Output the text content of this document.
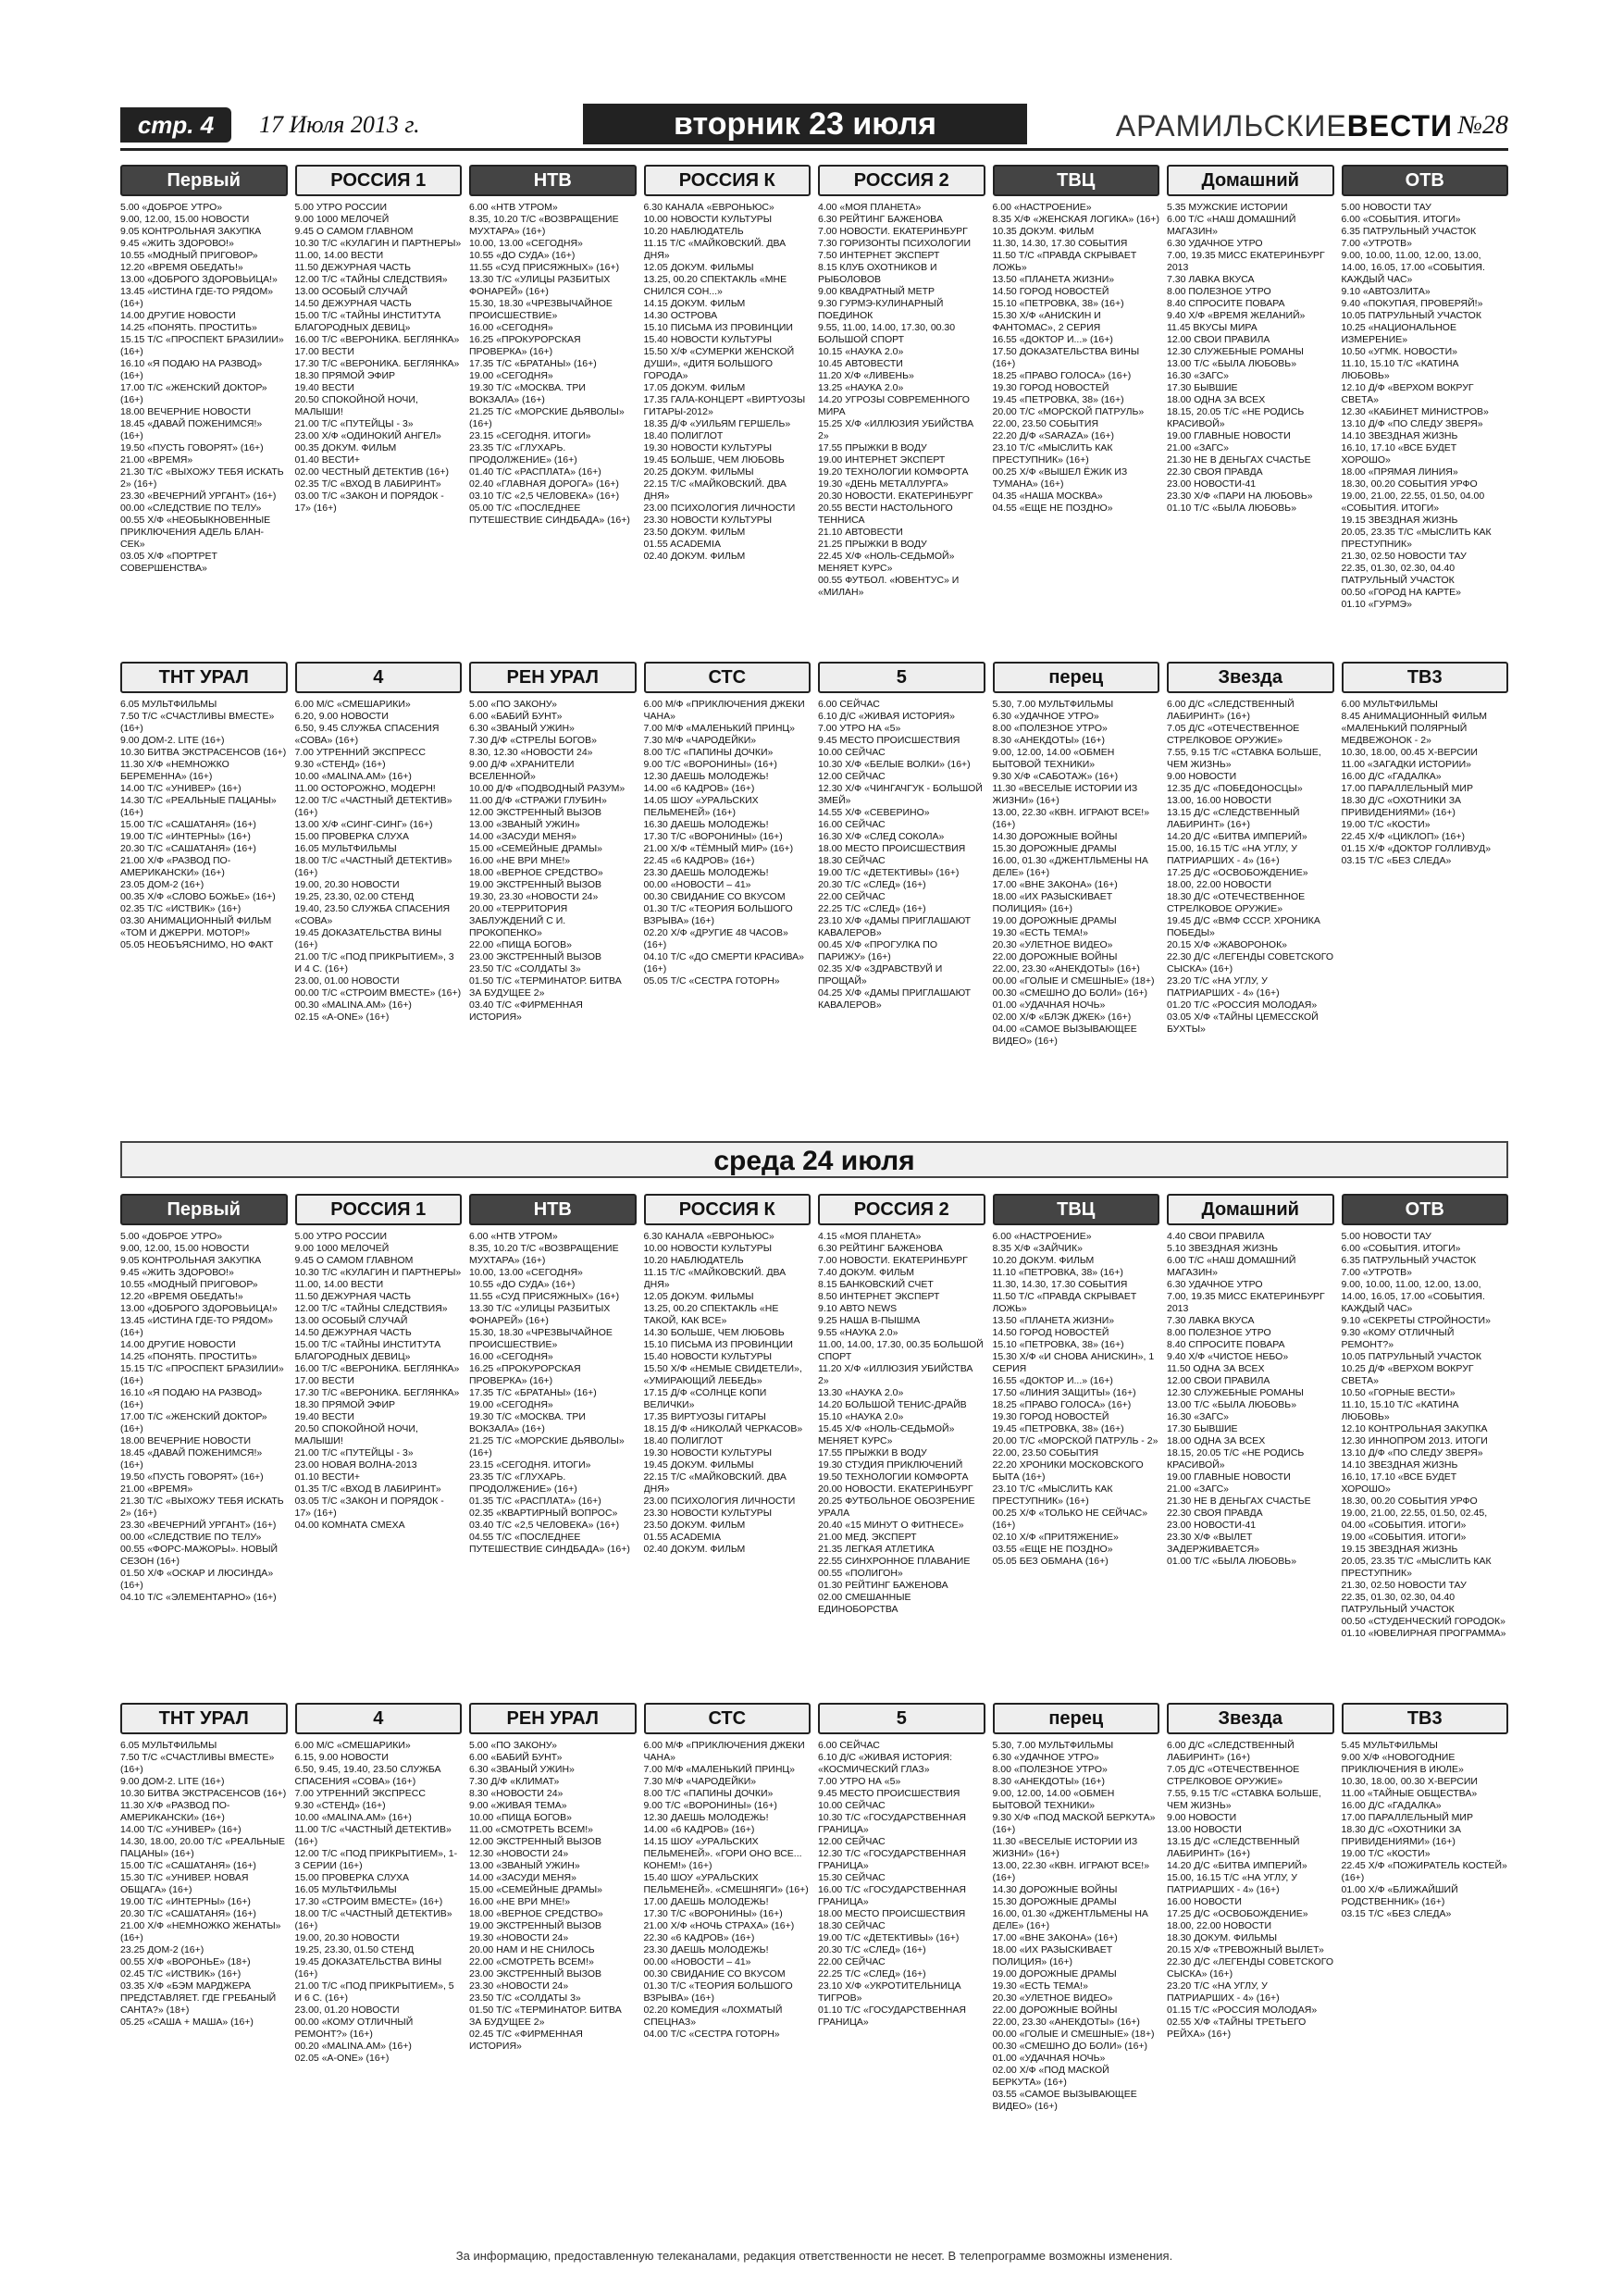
стр. 4	17 Июля 2013 г.	вторник 23 июля	АРАМИЛЬСКИЕВЕСТИ №28
Первый
5.00 «ДОБРОЕ УТРО»
9.00, 12.00, 15.00 НОВОСТИ
9.05 КОНТРОЛЬНАЯ ЗАКУПКА
9.45 «ЖИТЬ ЗДОРОВО!»
10.55 «МОДНЫЙ ПРИГОВОР»
12.20 «ВРЕМЯ ОБЕДАТЬ!»
13.00 «ДОБРОГО ЗДОРОВЬИЦА!»
13.45 «ИСТИНА ГДЕ-ТО РЯДОМ» (16+)
14.00 ДРУГИЕ НОВОСТИ
14.25 «ПОНЯТЬ. ПРОСТИТЬ»
15.15 Т/С «ПРОСПЕКТ БРАЗИЛИИ» (16+)
16.10 «Я ПОДАЮ НА РАЗВОД» (16+)
17.00 Т/С «ЖЕНСКИЙ ДОКТОР» (16+)
18.00 ВЕЧЕРНИЕ НОВОСТИ
18.45 «ДАВАЙ ПОЖЕНИМСЯ!» (16+)
19.50 «ПУСТЬ ГОВОРЯТ» (16+)
21.00 «ВРЕМЯ»
21.30 Т/С «ВЫХОЖУ ТЕБЯ ИСКАТЬ 2» (16+)
23.30 «ВЕЧЕРНИЙ УРГАНТ» (16+)
00.00 «СЛЕДСТВИЕ ПО ТЕЛУ»
00.55 Х/Ф «НЕОБЫКНОВЕННЫЕ ПРИКЛЮЧЕНИЯ АДЕЛЬ БЛАН-СЕК»
03.05 Х/Ф «ПОРТРЕТ СОВЕРШЕНСТВА»
РОССИЯ 1
5.00 УТРО РОССИИ
9.00 1000 МЕЛОЧЕЙ
9.45 О САМОМ ГЛАВНОМ
10.30 Т/С «КУЛАГИН И ПАРТНЕРЫ»
11.00, 14.00 ВЕСТИ
11.50 ДЕЖУРНАЯ ЧАСТЬ
12.00 Т/С «ТАЙНЫ СЛЕДСТВИЯ»
13.00 ОСОБЫЙ СЛУЧАЙ
14.50 ДЕЖУРНАЯ ЧАСТЬ
15.00 Т/С «ТАЙНЫ ИНСТИТУТА БЛАГОРОДНЫХ ДЕВИЦ»
16.00 Т/С «ВЕРОНИКА. БЕГЛЯНКА»
17.00 ВЕСТИ
17.30 Т/С «ВЕРОНИКА. БЕГЛЯНКА»
18.30 ПРЯМОЙ ЭФИР
19.40 ВЕСТИ
20.50 СПОКОЙНОЙ НОЧИ, МАЛЫШИ!
21.00 Т/С «ПУТЕЙЦЫ - 3»
23.00 Х/Ф «ОДИНОКИЙ АНГЕЛ»
00.35 ДОКУМ. ФИЛЬМ
01.40 ВЕСТИ+
02.00 ЧЕСТНЫЙ ДЕТЕКТИВ (16+)
02.35 Т/С «ВХОД В ЛАБИРИНТ»
03.00 Т/С «ЗАКОН И ПОРЯДОК - 17» (16+)
НТВ
6.00 «НТВ УТРОМ»
8.35, 10.20 Т/С «ВОЗВРАЩЕНИЕ МУХТАРА» (16+)
10.00, 13.00 «СЕГОДНЯ»
10.55 «ДО СУДА» (16+)
11.55 «СУД ПРИСЯЖНЫХ» (16+)
13.30 Т/С «УЛИЦЫ РАЗБИТЫХ ФОНАРЕЙ» (16+)
15.30, 18.30 «ЧРЕЗВЫЧАЙНОЕ ПРОИСШЕСТВИЕ»
16.00 «СЕГОДНЯ»
16.25 «ПРОКУРОРСКАЯ ПРОВЕРКА» (16+)
17.35 Т/С «БРАТАНЫ» (16+)
19.00 «СЕГОДНЯ»
19.30 Т/С «МОСКВА. ТРИ ВОКЗАЛА» (16+)
21.25 Т/С «МОРСКИЕ ДЬЯВОЛЫ» (16+)
23.15 «СЕГОДНЯ. ИТОГИ»
23.35 Т/С «ГЛУХАРЬ. ПРОДОЛЖЕНИЕ» (16+)
01.40 Т/С «РАСПЛАТА» (16+)
02.40 «ГЛАВНАЯ ДОРОГА» (16+)
03.10 Т/С «2,5 ЧЕЛОВЕКА» (16+)
05.00 Т/С «ПОСЛЕДНЕЕ ПУТЕШЕСТВИЕ СИНДБАДА» (16+)
РОССИЯ К
6.30 КАНАЛА «ЕВРОНЬЮС»
10.00 НОВОСТИ КУЛЬТУРЫ
10.20 НАБЛЮДАТЕЛЬ
11.15 Т/С «МАЙКОВСКИЙ. ДВА ДНЯ»
12.05 ДОКУМ. ФИЛЬМЫ
13.25, 00.20 СПЕКТАКЛЬ «МНЕ СНИЛСЯ СОН...»
14.15 ДОКУМ. ФИЛЬМ
14.30 ОСТРОВА
15.10 ПИСЬМА ИЗ ПРОВИНЦИИ
15.40 НОВОСТИ КУЛЬТУРЫ
15.50 Х/Ф «СУМЕРКИ ЖЕНСКОЙ ДУШИ», «ДИТЯ БОЛЬШОГО ГОРОДА»
17.05 ДОКУМ. ФИЛЬМ
17.35 ГАЛА-КОНЦЕРТ «ВИРТУОЗЫ ГИТАРЫ-2012»
18.35 Д/Ф «УИЛЬЯМ ГЕРШЕЛЬ»
18.40 ПОЛИГЛОТ
19.30 НОВОСТИ КУЛЬТУРЫ
19.45 БОЛЬШЕ, ЧЕМ ЛЮБОВЬ
20.25 ДОКУМ. ФИЛЬМЫ
22.15 Т/С «МАЙКОВСКИЙ. ДВА ДНЯ»
23.00 ПСИХОЛОГИЯ ЛИЧНОСТИ
23.30 НОВОСТИ КУЛЬТУРЫ
23.50 ДОКУМ. ФИЛЬМ
01.55 ACADEMIA
02.40 ДОКУМ. ФИЛЬМ
РОССИЯ 2
4.00 «МОЯ ПЛАНЕТА»
6.30 РЕЙТИНГ БАЖЕНОВА
7.00 НОВОСТИ. ЕКАТЕРИНБУРГ
7.30 ГОРИЗОНТЫ ПСИХОЛОГИИ
7.50 ИНТЕРНЕТ ЭКСПЕРТ
8.15 КЛУБ ОХОТНИКОВ И РЫБОЛОВОВ
9.00 КВАДРАТНЫЙ МЕТР
9.30 ГУРМЭ-КУЛИНАРНЫЙ ПОЕДИНОК
9.55, 11.00, 14.00, 17.30, 00.30 БОЛЬШОЙ СПОРТ
10.15 «НАУКА 2.0»
10.45 АВТОВЕСТИ
11.20 Х/Ф «ЛИВЕНЬ»
13.25 «НАУКА 2.0»
14.20 УГРОЗЫ СОВРЕМЕННОГО МИРА
15.25 Х/Ф «ИЛЛЮЗИЯ УБИЙСТВА 2»
17.55 ПРЫЖКИ В ВОДУ
19.00 ИНТЕРНЕТ ЭКСПЕРТ
19.20 ТЕХНОЛОГИИ КОМФОРТА
19.30 «ДЕНЬ МЕТАЛЛУРГА»
20.30 НОВОСТИ. ЕКАТЕРИНБУРГ
20.55 ВЕСТИ НАСТОЛЬНОГО ТЕННИСА
21.10 АВТОВЕСТИ
21.25 ПРЫЖКИ В ВОДУ
22.45 Х/Ф «НОЛЬ-СЕДЬМОЙ» МЕНЯЕТ КУРС»
00.55 ФУТБОЛ. «ЮВЕНТУС» И «МИЛАН»
ТВЦ
6.00 «НАСТРОЕНИЕ»
8.35 Х/Ф «ЖЕНСКАЯ ЛОГИКА» (16+)
10.35 ДОКУМ. ФИЛЬМ
11.30, 14.30, 17.30 СОБЫТИЯ
11.50 Т/С «ПРАВДА СКРЫВАЕТ ЛОЖЬ»
13.50 «ПЛАНЕТА ЖИЗНИ»
14.50 ГОРОД НОВОСТЕЙ
15.10 «ПЕТРОВКА, 38» (16+)
15.30 Х/Ф «АНИСКИН И ФАНТОМАС», 2 СЕРИЯ
16.55 «ДОКТОР И...» (16+)
17.50 ДОКАЗАТЕЛЬСТВА ВИНЫ (16+)
18.25 «ПРАВО ГОЛОСА» (16+)
19.30 ГОРОД НОВОСТЕЙ
19.45 «ПЕТРОВКА, 38» (16+)
20.00 Т/С «МОРСКОЙ ПАТРУЛЬ»
22.00, 23.50 СОБЫТИЯ
22.20 Д/Ф «SARAZA» (16+)
23.10 Т/С «МЫСЛИТЬ КАК ПРЕСТУПНИК» (16+)
00.25 Х/Ф «ВЫШЕЛ ЁЖИК ИЗ ТУМАНА» (16+)
04.35 «НАША МОСКВА»
04.55 «ЕЩЕ НЕ ПОЗДНО»
Домашний
5.35 МУЖСКИЕ ИСТОРИИ
6.00 Т/С «НАШ ДОМАШНИЙ МАГАЗИН»
6.30 УДАЧНОЕ УТРО
7.00, 19.35 МИСС ЕКАТЕРИНБУРГ 2013
7.30 ЛАВКА ВКУСА
8.00 ПОЛЕЗНОЕ УТРО
8.40 СПРОСИТЕ ПОВАРА
9.40 Х/Ф «ВРЕМЯ ЖЕЛАНИЙ»
11.45 ВКУСЫ МИРА
12.00 СВОИ ПРАВИЛА
12.30 СЛУЖЕБНЫЕ РОМАНЫ
13.00 Т/С «БЫЛА ЛЮБОВЬ»
16.30 «ЗАГС»
17.30 БЫВШИЕ
18.00 ОДНА ЗА ВСЕХ
18.15, 20.05 Т/С «НЕ РОДИСЬ КРАСИВОЙ»
19.00 ГЛАВНЫЕ НОВОСТИ
21.00 «ЗАГС»
21.30 НЕ В ДЕНЬГАХ СЧАСТЬЕ
22.30 СВОЯ ПРАВДА
23.00 НОВОСТИ-41
23.30 Х/Ф «ПАРИ НА ЛЮБОВЬ»
01.10 Т/С «БЫЛА ЛЮБОВЬ»
ОТВ
5.00 НОВОСТИ ТАУ
6.00 «СОБЫТИЯ. ИТОГИ»
6.35 ПАТРУЛЬНЫЙ УЧАСТОК
7.00 «УТРОТВ»
9.00, 10.00, 11.00, 12.00, 13.00, 14.00, 16.05, 17.00 «СОБЫТИЯ. КАЖДЫЙ ЧАС»
9.10 «АВТОЗЛИТА»
9.40 «ПОКУПАЯ, ПРОВЕРЯЙ!»
10.05 ПАТРУЛЬНЫЙ УЧАСТОК
10.25 «НАЦИОНАЛЬНОЕ ИЗМЕРЕНИЕ»
10.50 «УГМК. НОВОСТИ»
11.10, 15.10 Т/С «КАТИНА ЛЮБОВЬ»
12.10 Д/Ф «ВЕРХОМ ВОКРУГ СВЕТА»
12.30 «КАБИНЕТ МИНИСТРОВ»
13.10 Д/Ф «ПО СЛЕДУ ЗВЕРЯ»
14.10 ЗВЕЗДНАЯ ЖИЗНЬ
16.10, 17.10 «ВСЕ БУДЕТ ХОРОШО»
18.00 «ПРЯМАЯ ЛИНИЯ»
18.30, 00.20 СОБЫТИЯ УРФО
19.00, 21.00, 22.55, 01.50, 04.00 «СОБЫТИЯ. ИТОГИ»
19.15 ЗВЕЗДНАЯ ЖИЗНЬ
20.05, 23.35 Т/С «МЫСЛИТЬ КАК ПРЕСТУПНИК»
21.30, 02.50 НОВОСТИ ТАУ
22.35, 01.30, 02.30, 04.40 ПАТРУЛЬНЫЙ УЧАСТОК
00.50 «ГОРОД НА КАРТЕ»
01.10 «ГУРМЭ»
ТНТ УРАЛ
6.05 МУЛЬТФИЛЬМЫ
7.50 Т/С «СЧАСТЛИВЫ ВМЕСТЕ» (16+)
9.00 ДОМ-2. LITE (16+)
10.30 БИТВА ЭКСТРАСЕНСОВ (16+)
11.30 Х/Ф «НЕМНОЖКО БЕРЕМЕННА» (16+)
14.00 Т/С «УНИВЕР» (16+)
14.30 Т/С «РЕАЛЬНЫЕ ПАЦАНЫ» (16+)
15.00 Т/С «САШАТАНЯ» (16+)
19.00 Т/С «ИНТЕРНЫ» (16+)
20.30 Т/С «САШАТАНЯ» (16+)
21.00 Х/Ф «РАЗВОД ПО-АМЕРИКАНСКИ» (16+)
23.05 ДОМ-2 (16+)
00.35 Х/Ф «СЛОВО БОЖЬЕ» (16+)
02.35 Т/С «ИСТВИК» (16+)
03.30 АНИМАЦИОННЫЙ ФИЛЬМ «ТОМ И ДЖЕРРИ. МОТОР!»
05.05 НЕОБЪЯСНИМО, НО ФАКТ
4
6.00 М/С «СМЕШАРИКИ»
6.20, 9.00 НОВОСТИ
6.50, 9.45 СЛУЖБА СПАСЕНИЯ «СОВА» (16+)
7.00 УТРЕННИЙ ЭКСПРЕСС
9.30 «СТЕНД» (16+)
10.00 «MALINA.AM» (16+)
11.00 ОСТОРОЖНО, МОДЕРН!
12.00 Т/С «ЧАСТНЫЙ ДЕТЕКТИВ» (16+)
13.00 Х/Ф «СИНГ-СИНГ» (16+)
15.00 ПРОВЕРКА СЛУХА
16.05 МУЛЬТФИЛЬМЫ
18.00 Т/С «ЧАСТНЫЙ ДЕТЕКТИВ» (16+)
19.00, 20.30 НОВОСТИ
19.25, 23.30, 02.00 СТЕНД
19.40, 23.50 СЛУЖБА СПАСЕНИЯ «СОВА»
19.45 ДОКАЗАТЕЛЬСТВА ВИНЫ (16+)
21.00 Т/С «ПОД ПРИКРЫТИЕМ», 3 И 4 С. (16+)
23.00, 01.00 НОВОСТИ
00.00 Т/С «СТРОИМ ВМЕСТЕ» (16+)
00.30 «MALINA.AM» (16+)
02.15 «A-ONE» (16+)
РЕН УРАЛ
5.00 «ПО ЗАКОНУ»
6.00 «БАБИЙ БУНТ»
6.30 «ЗВАНЫЙ УЖИН»
7.30 Д/Ф «СТРЕЛЫ БОГОВ»
8.30, 12.30 «НОВОСТИ 24»
9.00 Д/Ф «ХРАНИТЕЛИ ВСЕЛЕННОЙ»
10.00 Д/Ф «ПОДВОДНЫЙ РАЗУМ»
11.00 Д/Ф «СТРАЖИ ГЛУБИН»
12.00 ЭКСТРЕННЫЙ ВЫЗОВ
13.00 «ЗВАНЫЙ УЖИН»
14.00 «ЗАСУДИ МЕНЯ»
15.00 «СЕМЕЙНЫЕ ДРАМЫ»
16.00 «НЕ ВРИ МНЕ!»
18.00 «ВЕРНОЕ СРЕДСТВО»
19.00 ЭКСТРЕННЫЙ ВЫЗОВ
19.30, 23.30 «НОВОСТИ 24»
20.00 «ТЕРРИТОРИЯ ЗАБЛУЖДЕНИЙ С И. ПРОКОПЕНКО»
22.00 «ПИЩА БОГОВ»
23.00 ЭКСТРЕННЫЙ ВЫЗОВ
23.50 Т/С «СОЛДАТЫ 3»
01.50 Т/С «ТЕРМИНАТОР. БИТВА ЗА БУДУЩЕЕ 2»
03.40 Т/С «ФИРМЕННАЯ ИСТОРИЯ»
СТС
6.00 М/Ф «ПРИКЛЮЧЕНИЯ ДЖЕКИ ЧАНА»
7.00 М/Ф «МАЛЕНЬКИЙ ПРИНЦ»
7.30 М/Ф «ЧАРОДЕЙКИ»
8.00 Т/С «ПАПИНЫ ДОЧКИ»
9.00 Т/С «ВОРОНИНЫ» (16+)
12.30 ДАЕШЬ МОЛОДЕЖЬ!
14.00 «6 КАДРОВ» (16+)
14.05 ШОУ «УРАЛЬСКИХ ПЕЛЬМЕНЕЙ» (16+)
16.30 ДАЕШЬ МОЛОДЕЖЬ!
17.30 Т/С «ВОРОНИНЫ» (16+)
21.00 Х/Ф «ТЁМНЫЙ МИР» (16+)
22.45 «6 КАДРОВ» (16+)
23.30 ДАЕШЬ МОЛОДЕЖЬ!
00.00 «НОВОСТИ – 41»
00.30 СВИДАНИЕ СО ВКУСОМ
01.30 Т/С «ТЕОРИЯ БОЛЬШОГО ВЗРЫВА» (16+)
02.20 Х/Ф «ДРУГИЕ 48 ЧАСОВ» (16+)
04.10 Т/С «ДО СМЕРТИ КРАСИВА» (16+)
05.05 Т/С «СЕСТРА ГОТОРН»
5
6.00 СЕЙЧАС
6.10 Д/С «ЖИВАЯ ИСТОРИЯ»
7.00 УТРО НА «5»
9.45 МЕСТО ПРОИСШЕСТВИЯ
10.00 СЕЙЧАС
10.30 Х/Ф «БЕЛЫЕ ВОЛКИ» (16+)
12.00 СЕЙЧАС
12.30 Х/Ф «ЧИНГАЧГУК - БОЛЬШОЙ ЗМЕЙ»
14.55 Х/Ф «СЕВЕРИНО»
16.00 СЕЙЧАС
16.30 Х/Ф «СЛЕД СОКОЛА»
18.00 МЕСТО ПРОИСШЕСТВИЯ
18.30 СЕЙЧАС
19.00 Т/С «ДЕТЕКТИВЫ» (16+)
20.30 Т/С «СЛЕД» (16+)
22.00 СЕЙЧАС
22.25 Т/С «СЛЕД» (16+)
23.10 Х/Ф «ДАМЫ ПРИГЛАШАЮТ КАВАЛЕРОВ»
00.45 Х/Ф «ПРОГУЛКА ПО ПАРИЖУ» (16+)
02.35 Х/Ф «ЗДРАВСТВУЙ И ПРОЩАЙ»
04.25 Х/Ф «ДАМЫ ПРИГЛАШАЮТ КАВАЛЕРОВ»
перец
5.30, 7.00 МУЛЬТФИЛЬМЫ
6.30 «УДАЧНОЕ УТРО»
8.00 «ПОЛЕЗНОЕ УТРО»
8.30 «АНЕКДОТЫ» (16+)
9.00, 12.00, 14.00 «ОБМЕН БЫТОВОЙ ТЕХНИКИ»
9.30 Х/Ф «САБОТАЖ» (16+)
11.30 «ВЕСЕЛЫЕ ИСТОРИИ ИЗ ЖИЗНИ» (16+)
13.00, 22.30 «КВН. ИГРАЮТ ВСЕ!» (16+)
14.30 ДОРОЖНЫЕ ВОЙНЫ
15.30 ДОРОЖНЫЕ ДРАМЫ
16.00, 01.30 «ДЖЕНТЛЬМЕНЫ НА ДЕЛЕ» (16+)
17.00 «ВНЕ ЗАКОНА» (16+)
18.00 «ИХ РАЗЫСКИВАЕТ ПОЛИЦИЯ» (16+)
19.00 ДОРОЖНЫЕ ДРАМЫ
19.30 «ЕСТЬ ТЕМА!»
20.30 «УЛЕТНОЕ ВИДЕО»
22.00 ДОРОЖНЫЕ ВОЙНЫ
22.00, 23.30 «АНЕКДОТЫ» (16+)
00.00 «ГОЛЫЕ И СМЕШНЫЕ» (18+)
00.30 «СМЕШНО ДО БОЛИ» (16+)
01.00 «УДАЧНАЯ НОЧЬ»
02.00 Х/Ф «БЛЭК ДЖЕК» (16+)
04.00 «САМОЕ ВЫЗЫВАЮЩЕЕ ВИДЕО» (16+)
Звезда
6.00 Д/С «СЛЕДСТВЕННЫЙ ЛАБИРИНТ» (16+)
7.05 Д/С «ОТЕЧЕСТВЕННОЕ СТРЕЛКОВОЕ ОРУЖИЕ»
7.55, 9.15 Т/С «СТАВКА БОЛЬШЕ, ЧЕМ ЖИЗНЬ»
9.00 НОВОСТИ
12.35 Д/С «ПОБЕДОНОСЦЫ»
13.00, 16.00 НОВОСТИ
13.15 Д/С «СЛЕДСТВЕННЫЙ ЛАБИРИНТ» (16+)
14.20 Д/С «БИТВА ИМПЕРИЙ»
15.00, 16.15 Т/С «НА УГЛУ, У ПАТРИАРШИХ - 4» (16+)
17.25 Д/С «ОСВОБОЖДЕНИЕ»
18.00, 22.00 НОВОСТИ
18.30 Д/С «ОТЕЧЕСТВЕННОЕ СТРЕЛКОВОЕ ОРУЖИЕ»
19.45 Д/С «ВМФ СССР. ХРОНИКА ПОБЕДЫ»
20.15 Х/Ф «ЖАВОРОНОК»
22.30 Д/С «ЛЕГЕНДЫ СОВЕТСКОГО СЫСКА» (16+)
23.20 Т/С «НА УГЛУ, У ПАТРИАРШИХ - 4» (16+)
01.20 Т/С «РОССИЯ МОЛОДАЯ»
03.05 Х/Ф «ТАЙНЫ ЦЕМЕССКОЙ БУХТЫ»
ТВ3
6.00 МУЛЬТФИЛЬМЫ
8.45 АНИМАЦИОННЫЙ ФИЛЬМ «МАЛЕНЬКИЙ ПОЛЯРНЫЙ МЕДВЕЖОНОК - 2»
10.30, 18.00, 00.45 Х-ВЕРСИИ
11.00 «ЗАГАДКИ ИСТОРИИ»
16.00 Д/С «ГАДАЛКА»
17.00 ПАРАЛЛЕЛЬНЫЙ МИР
18.30 Д/С «ОХОТНИКИ ЗА ПРИВИДЕНИЯМИ» (16+)
19.00 Т/С «КОСТИ»
22.45 Х/Ф «ЦИКЛОП» (16+)
01.15 Х/Ф «ДОКТОР ГОЛЛИВУД»
03.15 Т/С «БЕЗ СЛЕДА»
среда 24 июля
Первый
5.00 «ДОБРОЕ УТРО»
9.00, 12.00, 15.00 НОВОСТИ
9.05 КОНТРОЛЬНАЯ ЗАКУПКА
9.45 «ЖИТЬ ЗДОРОВО!»
10.55 «МОДНЫЙ ПРИГОВОР»
12.20 «ВРЕМЯ ОБЕДАТЬ!»
13.00 «ДОБРОГО ЗДОРОВЬИЦА!»
13.45 «ИСТИНА ГДЕ-ТО РЯДОМ» (16+)
14.00 ДРУГИЕ НОВОСТИ
14.25 «ПОНЯТЬ. ПРОСТИТЬ»
15.15 Т/С «ПРОСПЕКТ БРАЗИЛИИ» (16+)
16.10 «Я ПОДАЮ НА РАЗВОД» (16+)
17.00 Т/С «ЖЕНСКИЙ ДОКТОР» (16+)
18.00 ВЕЧЕРНИЕ НОВОСТИ
18.45 «ДАВАЙ ПОЖЕНИМСЯ!» (16+)
19.50 «ПУСТЬ ГОВОРЯТ» (16+)
21.00 «ВРЕМЯ»
21.30 Т/С «ВЫХОЖУ ТЕБЯ ИСКАТЬ 2» (16+)
23.30 «ВЕЧЕРНИЙ УРГАНТ» (16+)
00.00 «СЛЕДСТВИЕ ПО ТЕЛУ»
00.55 «ФОРС-МАЖОРЫ». НОВЫЙ СЕЗОН (16+)
01.50 Х/Ф «ОСКАР И ЛЮСИНДА» (16+)
04.10 Т/С «ЭЛЕМЕНТАРНО» (16+)
РОССИЯ 1
5.00 УТРО РОССИИ
9.00 1000 МЕЛОЧЕЙ
9.45 О САМОМ ГЛАВНОМ
10.30 Т/С «КУЛАГИН И ПАРТНЕРЫ»
11.00, 14.00 ВЕСТИ
11.50 ДЕЖУРНАЯ ЧАСТЬ
12.00 Т/С «ТАЙНЫ СЛЕДСТВИЯ»
13.00 ОСОБЫЙ СЛУЧАЙ
14.50 ДЕЖУРНАЯ ЧАСТЬ
15.00 Т/С «ТАЙНЫ ИНСТИТУТА БЛАГОРОДНЫХ ДЕВИЦ»
16.00 Т/С «ВЕРОНИКА. БЕГЛЯНКА»
17.00 ВЕСТИ
17.30 Т/С «ВЕРОНИКА. БЕГЛЯНКА»
18.30 ПРЯМОЙ ЭФИР
19.40 ВЕСТИ
20.50 СПОКОЙНОЙ НОЧИ, МАЛЫШИ!
21.00 Т/С «ПУТЕЙЦЫ - 3»
23.00 НОВАЯ ВОЛНА-2013
01.10 ВЕСТИ+
01.35 Т/С «ВХОД В ЛАБИРИНТ»
03.05 Т/С «ЗАКОН И ПОРЯДОК - 17» (16+)
04.00 КОМНАТА СМЕХА
НТВ
6.00 «НТВ УТРОМ»
8.35, 10.20 Т/С «ВОЗВРАЩЕНИЕ МУХТАРА» (16+)
10.00, 13.00 «СЕГОДНЯ»
10.55 «ДО СУДА» (16+)
11.55 «СУД ПРИСЯЖНЫХ» (16+)
13.30 Т/С «УЛИЦЫ РАЗБИТЫХ ФОНАРЕЙ» (16+)
15.30, 18.30 «ЧРЕЗВЫЧАЙНОЕ ПРОИСШЕСТВИЕ»
16.00 «СЕГОДНЯ»
16.25 «ПРОКУРОРСКАЯ ПРОВЕРКА» (16+)
17.35 Т/С «БРАТАНЫ» (16+)
19.00 «СЕГОДНЯ»
19.30 Т/С «МОСКВА. ТРИ ВОКЗАЛА» (16+)
21.25 Т/С «МОРСКИЕ ДЬЯВОЛЫ» (16+)
23.15 «СЕГОДНЯ. ИТОГИ»
23.35 Т/С «ГЛУХАРЬ. ПРОДОЛЖЕНИЕ» (16+)
01.35 Т/С «РАСПЛАТА» (16+)
02.35 «КВАРТИРНЫЙ ВОПРОС»
03.40 Т/С «2,5 ЧЕЛОВЕКА» (16+)
04.55 Т/С «ПОСЛЕДНЕЕ ПУТЕШЕСТВИЕ СИНДБАДА» (16+)
РОССИЯ К
6.30 КАНАЛА «ЕВРОНЬЮС»
10.00 НОВОСТИ КУЛЬТУРЫ
10.20 НАБЛЮДАТЕЛЬ
11.15 Т/С «МАЙКОВСКИЙ. ДВА ДНЯ»
12.05 ДОКУМ. ФИЛЬМЫ
13.25, 00.20 СПЕКТАКЛЬ «НЕ ТАКОЙ, КАК ВСЕ»
14.30 БОЛЬШЕ, ЧЕМ ЛЮБОВЬ
15.10 ПИСЬМА ИЗ ПРОВИНЦИИ
15.40 НОВОСТИ КУЛЬТУРЫ
15.50 Х/Ф «НЕМЫЕ СВИДЕТЕЛИ», «УМИРАЮЩИЙ ЛЕБЕДЬ»
17.15 Д/Ф «СОЛНЦЕ КОПИ ВЕЛИЧКИ»
17.35 ВИРТУОЗЫ ГИТАРЫ
18.15 Д/Ф «НИКОЛАЙ ЧЕРКАСОВ»
18.40 ПОЛИГЛОТ
19.30 НОВОСТИ КУЛЬТУРЫ
19.45 ДОКУМ. ФИЛЬМЫ
22.15 Т/С «МАЙКОВСКИЙ. ДВА ДНЯ»
23.00 ПСИХОЛОГИЯ ЛИЧНОСТИ
23.30 НОВОСТИ КУЛЬТУРЫ
23.50 ДОКУМ. ФИЛЬМ
01.55 ACADEMIA
02.40 ДОКУМ. ФИЛЬМ
РОССИЯ 2
4.15 «МОЯ ПЛАНЕТА»
6.30 РЕЙТИНГ БАЖЕНОВА
7.00 НОВОСТИ. ЕКАТЕРИНБУРГ
7.40 ДОКУМ. ФИЛЬМ
8.15 БАНКОВСКИЙ СЧЕТ
8.50 ИНТЕРНЕТ ЭКСПЕРТ
9.10 АВТО NEWS
9.25 НАША В-ПЫШМА
9.55 «НАУКА 2.0»
11.00, 14.00, 17.30, 00.35 БОЛЬШОЙ СПОРТ
11.20 Х/Ф «ИЛЛЮЗИЯ УБИЙСТВА 2»
13.30 «НАУКА 2.0»
14.20 БОЛЬШОЙ ТЕНИС-ДРАЙВ
15.10 «НАУКА 2.0»
15.45 Х/Ф «НОЛЬ-СЕДЬМОЙ» МЕНЯЕТ КУРС»
17.55 ПРЫЖКИ В ВОДУ
19.30 СТУДИЯ ПРИКЛЮЧЕНИЙ
19.50 ТЕХНОЛОГИИ КОМФОРТА
20.00 НОВОСТИ. ЕКАТЕРИНБУРГ
20.25 ФУТБОЛЬНОЕ ОБОЗРЕНИЕ УРАЛА
20.40 «15 МИНУТ О ФИТНЕСЕ»
21.00 МЕД. ЭКСПЕРТ
21.35 ЛЕГКАЯ АТЛЕТИКА
22.55 СИНХРОННОЕ ПЛАВАНИЕ
00.55 «ПОЛИГОН»
01.30 РЕЙТИНГ БАЖЕНОВА
02.00 СМЕШАННЫЕ ЕДИНОБОРСТВА
ТВЦ
6.00 «НАСТРОЕНИЕ»
8.35 Х/Ф «ЗАЙЧИК»
10.20 ДОКУМ. ФИЛЬМ
11.10 «ПЕТРОВКА, 38» (16+)
11.30, 14.30, 17.30 СОБЫТИЯ
11.50 Т/С «ПРАВДА СКРЫВАЕТ ЛОЖЬ»
13.50 «ПЛАНЕТА ЖИЗНИ»
14.50 ГОРОД НОВОСТЕЙ
15.10 «ПЕТРОВКА, 38» (16+)
15.30 Х/Ф «И СНОВА АНИСКИН», 1 СЕРИЯ
16.55 «ДОКТОР И...» (16+)
17.50 «ЛИНИЯ ЗАЩИТЫ» (16+)
18.25 «ПРАВО ГОЛОСА» (16+)
19.30 ГОРОД НОВОСТЕЙ
19.45 «ПЕТРОВКА, 38» (16+)
20.00 Т/С «МОРСКОЙ ПАТРУЛЬ - 2»
22.00, 23.50 СОБЫТИЯ
22.20 ХРОНИКИ МОСКОВСКОГО БЫТА (16+)
23.10 Т/С «МЫСЛИТЬ КАК ПРЕСТУПНИК» (16+)
00.25 Х/Ф «ТОЛЬКО НЕ СЕЙЧАС» (16+)
02.10 Х/Ф «ПРИТЯЖЕНИЕ»
03.55 «ЕЩЕ НЕ ПОЗДНО»
05.05 БЕЗ ОБМАНА (16+)
Домашний
4.40 СВОИ ПРАВИЛА
5.10 ЗВЕЗДНАЯ ЖИЗНЬ
6.00 Т/С «НАШ ДОМАШНИЙ МАГАЗИН»
6.30 УДАЧНОЕ УТРО
7.00, 19.35 МИСС ЕКАТЕРИНБУРГ 2013
7.30 ЛАВКА ВКУСА
8.00 ПОЛЕЗНОЕ УТРО
8.40 СПРОСИТЕ ПОВАРА
9.40 Х/Ф «ЧИСТОЕ НЕБО»
11.50 ОДНА ЗА ВСЕХ
12.00 СВОИ ПРАВИЛА
12.30 СЛУЖЕБНЫЕ РОМАНЫ
13.00 Т/С «БЫЛА ЛЮБОВЬ»
16.30 «ЗАГС»
17.30 БЫВШИЕ
18.00 ОДНА ЗА ВСЕХ
18.15, 20.05 Т/С «НЕ РОДИСЬ КРАСИВОЙ»
19.00 ГЛАВНЫЕ НОВОСТИ
21.00 «ЗАГС»
21.30 НЕ В ДЕНЬГАХ СЧАСТЬЕ
22.30 СВОЯ ПРАВДА
23.00 НОВОСТИ-41
23.30 Х/Ф «ВЫЛЕТ ЗАДЕРЖИВАЕТСЯ»
01.00 Т/С «БЫЛА ЛЮБОВЬ»
ОТВ
5.00 НОВОСТИ ТАУ
6.00 «СОБЫТИЯ. ИТОГИ»
6.35 ПАТРУЛЬНЫЙ УЧАСТОК
7.00 «УТРОТВ»
9.00, 10.00, 11.00, 12.00, 13.00, 14.00, 16.05, 17.00 «СОБЫТИЯ. КАЖДЫЙ ЧАС»
9.10 «СЕКРЕТЫ СТРОЙНОСТИ»
9.30 «КОМУ ОТЛИЧНЫЙ РЕМОНТ?»
10.05 ПАТРУЛЬНЫЙ УЧАСТОК
10.25 Д/Ф «ВЕРХОМ ВОКРУГ СВЕТА»
10.50 «ГОРНЫЕ ВЕСТИ»
11.10, 15.10 Т/С «КАТИНА ЛЮБОВЬ»
12.10 КОНТРОЛЬНАЯ ЗАКУПКА
12.30 ИННОПРОМ 2013. ИТОГИ
13.10 Д/Ф «ПО СЛЕДУ ЗВЕРЯ»
14.10 ЗВЕЗДНАЯ ЖИЗНЬ
16.10, 17.10 «ВСЕ БУДЕТ ХОРОШО»
18.30, 00.20 СОБЫТИЯ УРФО
19.00, 21.00, 22.55, 01.50, 02.45, 04.00 «СОБЫТИЯ. ИТОГИ»
19.00 «СОБЫТИЯ. ИТОГИ»
19.15 ЗВЕЗДНАЯ ЖИЗНЬ
20.05, 23.35 Т/С «МЫСЛИТЬ КАК ПРЕСТУПНИК»
21.30, 02.50 НОВОСТИ ТАУ
22.35, 01.30, 02.30, 04.40 ПАТРУЛЬНЫЙ УЧАСТОК
00.50 «СТУДЕНЧЕСКИЙ ГОРОДОК»
01.10 «ЮВЕЛИРНАЯ ПРОГРАММА»
ТНТ УРАЛ
6.05 МУЛЬТФИЛЬМЫ
7.50 Т/С «СЧАСТЛИВЫ ВМЕСТЕ» (16+)
9.00 ДОМ-2. LITE (16+)
10.30 БИТВА ЭКСТРАСЕНСОВ (16+)
11.30 Х/Ф «РАЗВОД ПО-АМЕРИКАНСКИ» (16+)
14.00 Т/С «УНИВЕР» (16+)
14.30, 18.00, 20.00 Т/С «РЕАЛЬНЫЕ ПАЦАНЫ» (16+)
15.00 Т/С «САШАТАНЯ» (16+)
15.30 Т/С «УНИВЕР. НОВАЯ ОБЩАГА» (16+)
19.00 Т/С «ИНТЕРНЫ» (16+)
20.30 Т/С «САШАТАНЯ» (16+)
21.00 Х/Ф «НЕМНОЖКО ЖЕНАТЫ» (16+)
23.25 ДОМ-2 (16+)
00.55 Х/Ф «ВОРОНЬЕ» (18+)
02.45 Т/С «ИСТВИК» (16+)
03.35 Х/Ф «БЭМ МАРДЖЕРА ПРЕДСТАВЛЯЕТ. ГДЕ ГРЕБАНЫЙ САНТА?» (18+)
05.25 «САША + МАША» (16+)
4
6.00 М/С «СМЕШАРИКИ»
6.15, 9.00 НОВОСТИ
6.50, 9.45, 19.40, 23.50 СЛУЖБА СПАСЕНИЯ «СОВА» (16+)
7.00 УТРЕННИЙ ЭКСПРЕСС
9.30 «СТЕНД» (16+)
10.00 «MALINA.AM» (16+)
11.00 Т/С «ЧАСТНЫЙ ДЕТЕКТИВ» (16+)
12.00 Т/С «ПОД ПРИКРЫТИЕМ», 1-3 СЕРИИ (16+)
15.00 ПРОВЕРКА СЛУХА
16.05 МУЛЬТФИЛЬМЫ
17.30 «СТРОИМ ВМЕСТЕ» (16+)
18.00 Т/С «ЧАСТНЫЙ ДЕТЕКТИВ» (16+)
19.00, 20.30 НОВОСТИ
19.25, 23.30, 01.50 СТЕНД
19.45 ДОКАЗАТЕЛЬСТВА ВИНЫ (16+)
21.00 Т/С «ПОД ПРИКРЫТИЕМ», 5 И 6 С. (16+)
23.00, 01.20 НОВОСТИ
00.00 «КОМУ ОТЛИЧНЫЙ РЕМОНТ?» (16+)
00.20 «MALINA.AM» (16+)
02.05 «A-ONE» (16+)
РЕН УРАЛ
5.00 «ПО ЗАКОНУ»
6.00 «БАБИЙ БУНТ»
6.30 «ЗВАНЫЙ УЖИН»
7.30 Д/Ф «КЛИМАТ»
8.30 «НОВОСТИ 24»
9.00 «ЖИВАЯ ТЕМА»
10.00 «ПИЩА БОГОВ»
11.00 «СМОТРЕТЬ ВСЕМ!»
12.00 ЭКСТРЕННЫЙ ВЫЗОВ
12.30 «НОВОСТИ 24»
13.00 «ЗВАНЫЙ УЖИН»
14.00 «ЗАСУДИ МЕНЯ»
15.00 «СЕМЕЙНЫЕ ДРАМЫ»
16.00 «НЕ ВРИ МНЕ!»
18.00 «ВЕРНОЕ СРЕДСТВО»
19.00 ЭКСТРЕННЫЙ ВЫЗОВ
19.30 «НОВОСТИ 24»
20.00 НАМ И НЕ СНИЛОСЬ
22.00 «СМОТРЕТЬ ВСЕМ!»
23.00 ЭКСТРЕННЫЙ ВЫЗОВ
23.30 «НОВОСТИ 24»
23.50 Т/С «СОЛДАТЫ 3»
01.50 Т/С «ТЕРМИНАТОР. БИТВА ЗА БУДУЩЕЕ 2»
02.45 Т/С «ФИРМЕННАЯ ИСТОРИЯ»
СТС
6.00 М/Ф «ПРИКЛЮЧЕНИЯ ДЖЕКИ ЧАНА»
7.00 М/Ф «МАЛЕНЬКИЙ ПРИНЦ»
7.30 М/Ф «ЧАРОДЕЙКИ»
8.00 Т/С «ПАПИНЫ ДОЧКИ»
9.00 Т/С «ВОРОНИНЫ» (16+)
12.30 ДАЕШЬ МОЛОДЕЖЬ!
14.00 «6 КАДРОВ» (16+)
14.15 ШОУ «УРАЛЬСКИХ ПЕЛЬМЕНЕЙ». «ГОРИ ОНО ВСЕ... КОНЕМ!» (16+)
15.40 ШОУ «УРАЛЬСКИХ ПЕЛЬМЕНЕЙ». «СМЕШНЯГИ» (16+)
17.00 ДАЕШЬ МОЛОДЕЖЬ!
17.30 Т/С «ВОРОНИНЫ» (16+)
21.00 Х/Ф «НОЧЬ СТРАХА» (16+)
22.30 «6 КАДРОВ» (16+)
23.30 ДАЕШЬ МОЛОДЕЖЬ!
00.00 «НОВОСТИ – 41»
00.30 СВИДАНИЕ СО ВКУСОМ
01.30 Т/С «ТЕОРИЯ БОЛЬШОГО ВЗРЫВА» (16+)
02.20 КОМЕДИЯ «ЛОХМАТЫЙ СПЕЦНАЗ»
04.00 Т/С «СЕСТРА ГОТОРН»
5
6.00 СЕЙЧАС
6.10 Д/С «ЖИВАЯ ИСТОРИЯ: «КОСМИЧЕСКИЙ ГЛАЗ»
7.00 УТРО НА «5»
9.45 МЕСТО ПРОИСШЕСТВИЯ
10.00 СЕЙЧАС
10.30 Т/С «ГОСУДАРСТВЕННАЯ ГРАНИЦА»
12.00 СЕЙЧАС
12.30 Т/С «ГОСУДАРСТВЕННАЯ ГРАНИЦА»
15.30 СЕЙЧАС
16.00 Т/С «ГОСУДАРСТВЕННАЯ ГРАНИЦА»
18.00 МЕСТО ПРОИСШЕСТВИЯ
18.30 СЕЙЧАС
19.00 Т/С «ДЕТЕКТИВЫ» (16+)
20.30 Т/С «СЛЕД» (16+)
22.00 СЕЙЧАС
22.25 Т/С «СЛЕД» (16+)
23.10 Х/Ф «УКРОТИТЕЛЬНИЦА ТИГРОВ»
01.10 Т/С «ГОСУДАРСТВЕННАЯ ГРАНИЦА»
перец
5.30, 7.00 МУЛЬТФИЛЬМЫ
6.30 «УДАЧНОЕ УТРО»
8.00 «ПОЛЕЗНОЕ УТРО»
8.30 «АНЕКДОТЫ» (16+)
9.00, 12.00, 14.00 «ОБМЕН БЫТОВОЙ ТЕХНИКИ»
9.30 Х/Ф «ПОД МАСКОЙ БЕРКУТА» (16+)
11.30 «ВЕСЕЛЫЕ ИСТОРИИ ИЗ ЖИЗНИ» (16+)
13.00, 22.30 «КВН. ИГРАЮТ ВСЕ!» (16+)
14.30 ДОРОЖНЫЕ ВОЙНЫ
15.30 ДОРОЖНЫЕ ДРАМЫ
16.00, 01.30 «ДЖЕНТЛЬМЕНЫ НА ДЕЛЕ» (16+)
17.00 «ВНЕ ЗАКОНА» (16+)
18.00 «ИХ РАЗЫСКИВАЕТ ПОЛИЦИЯ» (16+)
19.00 ДОРОЖНЫЕ ДРАМЫ
19.30 «ЕСТЬ ТЕМА!»
20.30 «УЛЕТНОЕ ВИДЕО»
22.00 ДОРОЖНЫЕ ВОЙНЫ
22.00, 23.30 «АНЕКДОТЫ» (16+)
00.00 «ГОЛЫЕ И СМЕШНЫЕ» (18+)
00.30 «СМЕШНО ДО БОЛИ» (16+)
01.00 «УДАЧНАЯ НОЧЬ»
02.00 Х/Ф «ПОД МАСКОЙ БЕРКУТА» (16+)
03.55 «САМОЕ ВЫЗЫВАЮЩЕЕ ВИДЕО» (16+)
Звезда
6.00 Д/С «СЛЕДСТВЕННЫЙ ЛАБИРИНТ» (16+)
7.05 Д/С «ОТЕЧЕСТВЕННОЕ СТРЕЛКОВОЕ ОРУЖИЕ»
7.55, 9.15 Т/С «СТАВКА БОЛЬШЕ, ЧЕМ ЖИЗНЬ»
9.00 НОВОСТИ
13.00 НОВОСТИ
13.15 Д/С «СЛЕДСТВЕННЫЙ ЛАБИРИНТ» (16+)
14.20 Д/С «БИТВА ИМПЕРИЙ»
15.00, 16.15 Т/С «НА УГЛУ, У ПАТРИАРШИХ - 4» (16+)
16.00 НОВОСТИ
17.25 Д/С «ОСВОБОЖДЕНИЕ»
18.00, 22.00 НОВОСТИ
18.30 ДОКУМ. ФИЛЬМЫ
20.15 Х/Ф «ТРЕВОЖНЫЙ ВЫЛЕТ»
22.30 Д/С «ЛЕГЕНДЫ СОВЕТСКОГО СЫСКА» (16+)
23.20 Т/С «НА УГЛУ, У ПАТРИАРШИХ - 4» (16+)
01.15 Т/С «РОССИЯ МОЛОДАЯ»
02.55 Х/Ф «ТАЙНЫ ТРЕТЬЕГО РЕЙХА» (16+)
ТВ3
5.45 МУЛЬТФИЛЬМЫ
9.00 Х/Ф «НОВОГОДНИЕ ПРИКЛЮЧЕНИЯ В ИЮЛЕ»
10.30, 18.00, 00.30 Х-ВЕРСИИ
11.00 «ТАЙНЫЕ ОБЩЕСТВА»
16.00 Д/С «ГАДАЛКА»
17.00 ПАРАЛЛЕЛЬНЫЙ МИР
18.30 Д/С «ОХОТНИКИ ЗА ПРИВИДЕНИЯМИ» (16+)
19.00 Т/С «КОСТИ»
22.45 Х/Ф «ПОЖИРАТЕЛЬ КОСТЕЙ» (16+)
01.00 Х/Ф «БЛИЖАЙШИЙ РОДСТВЕННИК» (16+)
03.15 Т/С «БЕЗ СЛЕДА»
За информацию, предоставленную телеканалами, редакция ответственности не несет. В телепрограмме возможны изменения.
